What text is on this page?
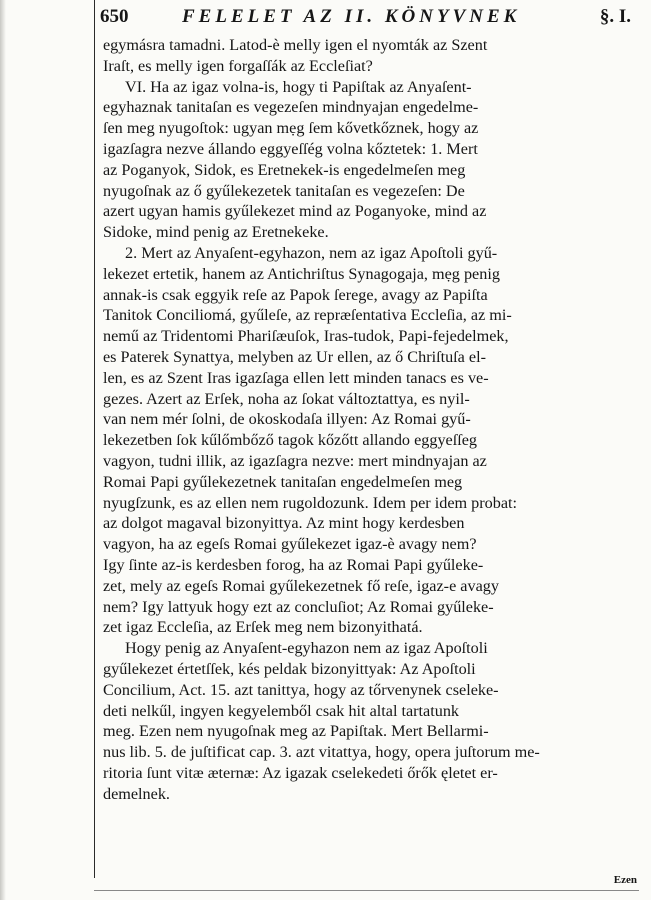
650	FELELET AZ II. KÖNYVNEK	§. I.
egymásra tamadni. Latod-è melly igen el nyomták az Szent
Iraſt, es melly igen forgaſſák az Eccleſiat?
VI. Ha az igaz volna-is, hogy ti Papiſtak az Anyaſent-
egyhaznak tanitaſan es vegezeſen mindnyajan engedelme-
ſen meg nyugoſtok: ugyan mẹg ſem kővetkőznek, hogy az
igazſagra nezve állando eggyeſſég volna kőztetek: 1. Mert
az Poganyok, Sidok, es Eretnekek-is engedelmeſen meg
nyugoſnak az ő gyűlekezetek tanitaſan es vegezeſen: De
azert ugyan hamis gyűlekezet mind az Poganyoke, mind az
Sidoke, mind penig az Eretnekeke.
2. Mert az Anyaſent-egyhazon, nem az igaz Apoſtoli gyű-
lekezet ertetik, hanem az Antichriſtus Synagogaja, mẹg penig
annak-is csak eggyik reſe az Papok ſerege, avagy az Papiſta
Tanitok Conciliomá, gyűleſe, az repræſentativa Eccleſia, az mi-
nemű az Tridentomi Phariſæuſok, Iras-tudok, Papi-fejedelmek,
es Paterek Synattya, melyben az Ur ellen, az ő Chriſtuſa el-
len, es az Szent Iras igazſaga ellen lett minden tanacs es ve-
gezes. Azert az Erſek, noha az ſokat változtattya, es nyil-
van nem mér ſolni, de okoskodaſa illyen: Az Romai gyű-
lekezetben ſok kűlőmbőző tagok kőzőtt allando eggyeſſeg
vagyon, tudni illik, az igazſagra nezve: mert mindnyajan az
Romai Papi gyűlekezetnek tanitaſan engedelmeſen meg
nyugſzunk, es az ellen nem rugoldozunk. Idem per idem probat:
az dolgot magaval bizonyittya. Az mint hogy kerdesben
vagyon, ha az egeſs Romai gyűlekezet igaz-è avagy nem?
Igy ſinte az-is kerdesben forog, ha az Romai Papi gyűleke-
zet, mely az egeſs Romai gyűlekezetnek fő reſe, igaz-e avagy
nem? Igy lattyuk hogy ezt az concluſiot; Az Romai gyűleke-
zet igaz Eccleſia, az Erſek meg nem bizonyithatá.
Hogy penig az Anyaſent-egyhazon nem az igaz Apoſtoli
gyűlekezet értetſſek, kés peldak bizonyittyak: Az Apoſtoli
Concilium, Act. 15. azt tanittya, hogy az tőrvenynek cseleke-
deti nelkűl, ingyen kegyelemből csak hit altal tartatunk
meg. Ezen nem nyugoſnak meg az Papiſtak. Mert Bellarmi-
nus lib. 5. de juſtificat cap. 3. azt vitattya, hogy, opera juſtorum me-
ritoria ſunt vitæ æternæ: Az igazak cselekedeti őrők ęletet er-
demelnek.
Ezen
